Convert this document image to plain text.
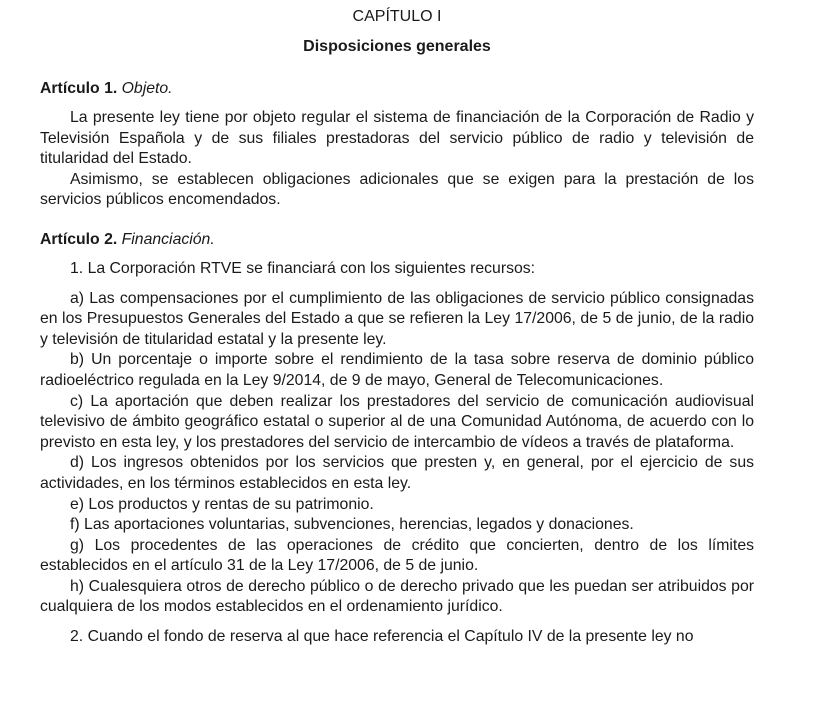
CAPÍTULO I
Disposiciones generales
Artículo 1. Objeto.

La presente ley tiene por objeto regular el sistema de financiación de la Corporación de Radio y Televisión Española y de sus filiales prestadoras del servicio público de radio y televisión de titularidad del Estado.

Asimismo, se establecen obligaciones adicionales que se exigen para la prestación de los servicios públicos encomendados.

Artículo 2. Financiación.

1. La Corporación RTVE se financiará con los siguientes recursos:

a) Las compensaciones por el cumplimiento de las obligaciones de servicio público consignadas en los Presupuestos Generales del Estado a que se refieren la Ley 17/2006, de 5 de junio, de la radio y televisión de titularidad estatal y la presente ley.

b) Un porcentaje o importe sobre el rendimiento de la tasa sobre reserva de dominio público radioeléctrico regulada en la Ley 9/2014, de 9 de mayo, General de Telecomunicaciones.

c) La aportación que deben realizar los prestadores del servicio de comunicación audiovisual televisivo de ámbito geográfico estatal o superior al de una Comunidad Autónoma, de acuerdo con lo previsto en esta ley, y los prestadores del servicio de intercambio de vídeos a través de plataforma.

d) Los ingresos obtenidos por los servicios que presten y, en general, por el ejercicio de sus actividades, en los términos establecidos en esta ley.

e) Los productos y rentas de su patrimonio.

f) Las aportaciones voluntarias, subvenciones, herencias, legados y donaciones.

g) Los procedentes de las operaciones de crédito que concierten, dentro de los límites establecidos en el artículo 31 de la Ley 17/2006, de 5 de junio.

h) Cualesquiera otros de derecho público o de derecho privado que les puedan ser atribuidos por cualquiera de los modos establecidos en el ordenamiento jurídico.

2. Cuando el fondo de reserva al que hace referencia el Capítulo IV de la presente ley no
